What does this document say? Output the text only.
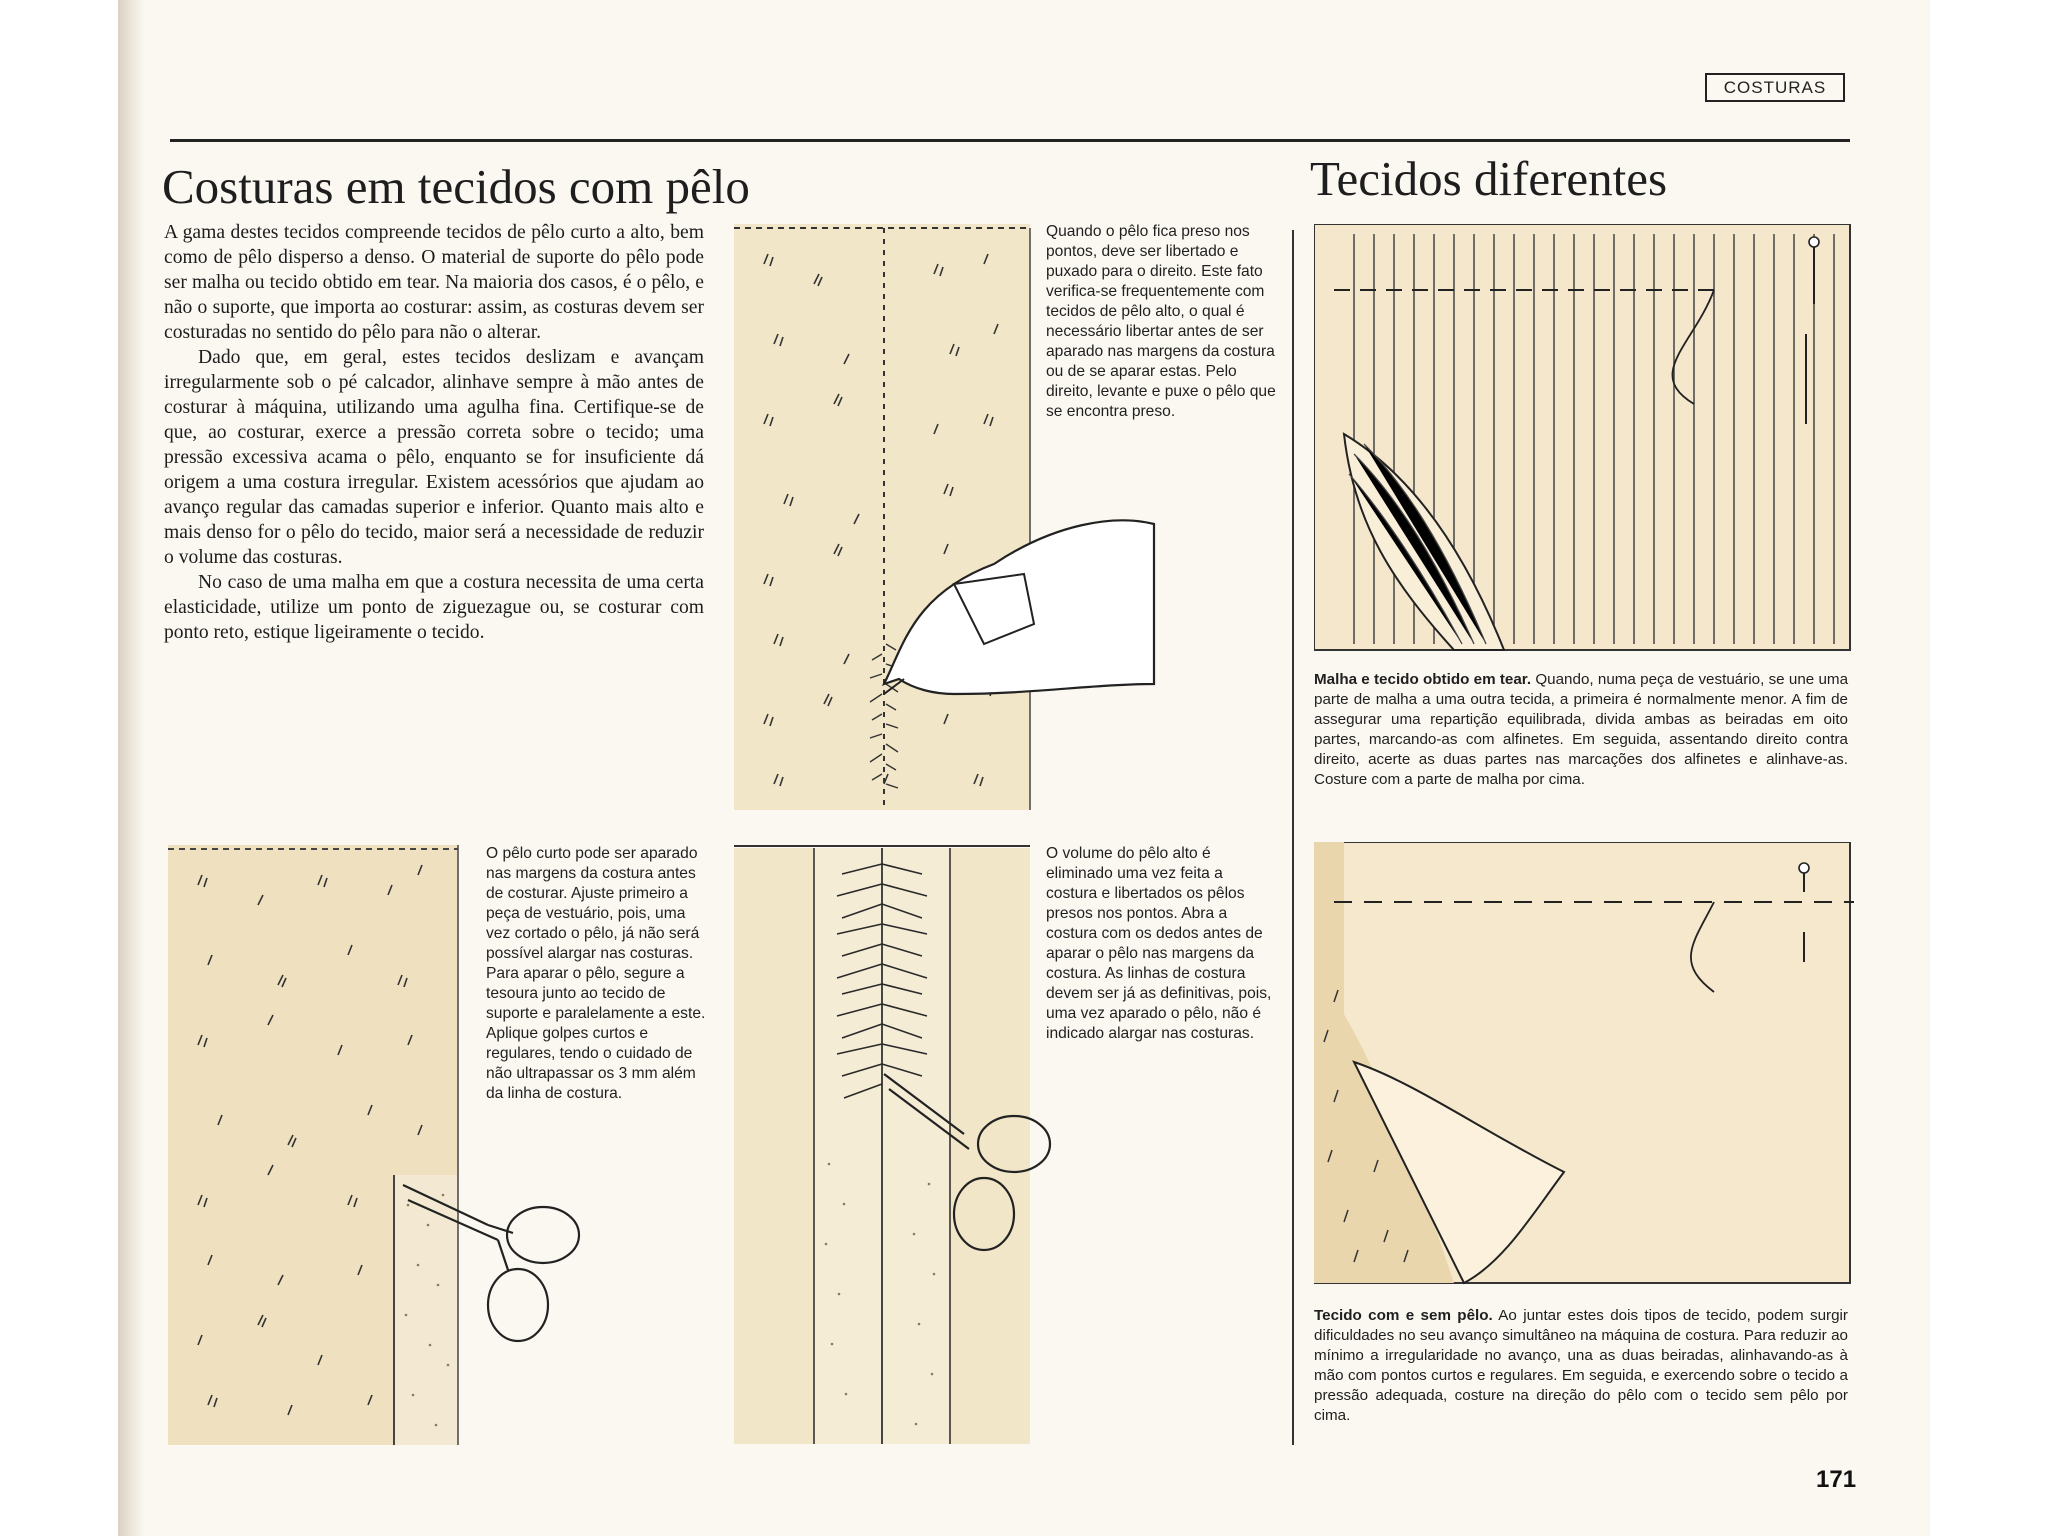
COSTURAS
Costuras em tecidos com pêlo

A gama destes tecidos compreende tecidos de pêlo curto a alto, bem como de pêlo disperso a denso. O material de suporte do pêlo pode ser malha ou tecido obtido em tear. Na maioria dos casos, é o pêlo, e não o suporte, que importa ao costurar: assim, as costuras devem ser costuradas no sentido do pêlo para não o alterar.

Dado que, em geral, estes tecidos deslizam e avançam irregularmente sob o pé calcador, alinhave sempre à mão antes de costurar à máquina, utilizando uma agulha fina. Certifique-se de que, ao costurar, exerce a pressão correta sobre o tecido; uma pressão excessiva acama o pêlo, enquanto se for insuficiente dá origem a uma costura irregular. Existem acessórios que ajudam ao avanço regular das camadas superior e inferior. Quanto mais alto e mais denso for o pêlo do tecido, maior será a necessidade de reduzir o volume das costuras.

No caso de uma malha em que a costura necessita de uma certa elasticidade, utilize um ponto de ziguezague ou, se costurar com ponto reto, estique ligeiramente o tecido.

Quando o pêlo fica preso nos pontos, deve ser libertado e puxado para o direito. Este fato verifica-se frequentemente com tecidos de pêlo alto, o qual é necessário libertar antes de ser aparado nas margens da costura ou de se aparar estas. Pelo direito, levante e puxe o pêlo que se encontra preso.
O pêlo curto pode ser aparado nas margens da costura antes de costurar. Ajuste primeiro a peça de vestuário, pois, uma vez cortado o pêlo, já não será possível alargar nas costuras. Para aparar o pêlo, segure a tesoura junto ao tecido de suporte e paralelamente a este. Aplique golpes curtos e regulares, tendo o cuidado de não ultrapassar os 3 mm além da linha de costura.
O volume do pêlo alto é eliminado uma vez feita a costura e libertados os pêlos presos nos pontos. Abra a costura com os dedos antes de aparar o pêlo nas margens da costura. As linhas de costura devem ser já as definitivas, pois, uma vez aparado o pêlo, não é indicado alargar nas costuras.
Tecidos diferentes
Malha e tecido obtido em tear. Quando, numa peça de vestuário, se une uma parte de malha a uma outra tecida, a primeira é normalmente menor. A fim de assegurar uma repartição equilibrada, divida ambas as beiradas em oito partes, marcando-as com alfinetes. Em seguida, assentando direito contra direito, acerte as duas partes nas marcações dos alfinetes e alinhave-as. Costure com a parte de malha por cima.
Tecido com e sem pêlo. Ao juntar estes dois tipos de tecido, podem surgir dificuldades no seu avanço simultâneo na máquina de costura. Para reduzir ao mínimo a irregularidade no avanço, una as duas beiradas, alinhavando-as à mão com pontos curtos e regulares. Em seguida, e exercendo sobre o tecido a pressão adequada, costure na direção do pêlo com o tecido sem pêlo por cima.
171
